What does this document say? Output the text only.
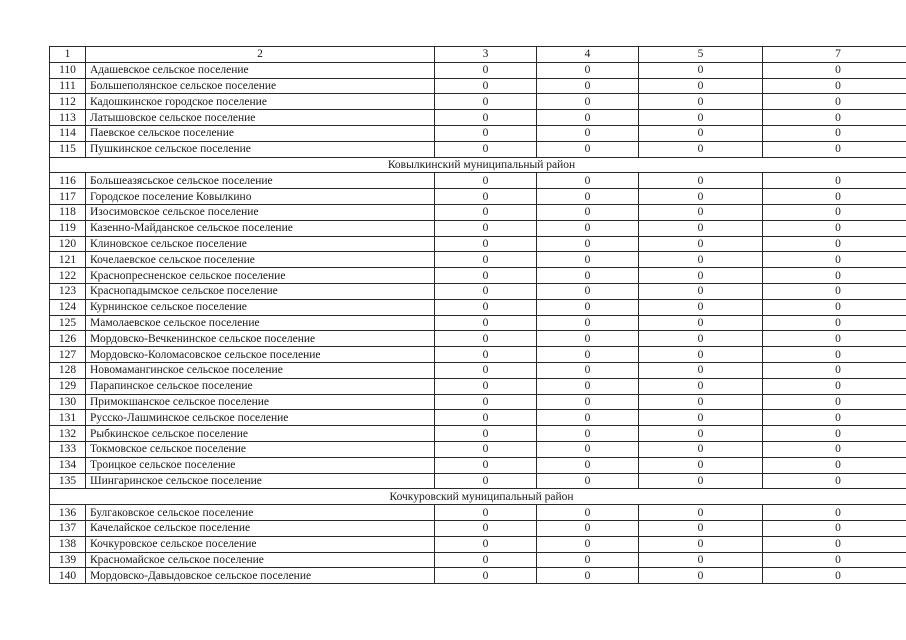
1	2	3	4	5	7
110	Адашевское сельское поселение	0	0	0	0
111	Большеполянское сельское поселение	0	0	0	0
112	Кадошкинское городское поселение	0	0	0	0
113	Латышовское сельское поселение	0	0	0	0
114	Паевское сельское поселение	0	0	0	0
115	Пушкинское сельское поселение	0	0	0	0
Ковылкинский муниципальный район					
116	Большеазясьское сельское поселение	0	0	0	0
117	Городское поселение Ковылкино	0	0	0	0
118	Изосимовское сельское поселение	0	0	0	0
119	Казенно-Майданское сельское поселение	0	0	0	0
120	Клиновское сельское поселение	0	0	0	0
121	Кочелаевское сельское поселение	0	0	0	0
122	Краснопресненское сельское поселение	0	0	0	0
123	Краснопадымское сельское поселение	0	0	0	0
124	Курнинское сельское поселение	0	0	0	0
125	Мамолаевское сельское поселение	0	0	0	0
126	Мордовско-Вечкенинское сельское поселение	0	0	0	0
127	Мордовско-Коломасовское сельское поселение	0	0	0	0
128	Новомамангинское сельское поселение	0	0	0	0
129	Парапинское сельское поселение	0	0	0	0
130	Примокшанское сельское поселение	0	0	0	0
131	Русско-Лашминское сельское поселение	0	0	0	0
132	Рыбкинское сельское поселение	0	0	0	0
133	Токмовское сельское поселение	0	0	0	0
134	Троицкое сельское поселение	0	0	0	0
135	Шингаринское сельское поселение	0	0	0	0
Кочкуровский муниципальный район					
136	Булгаковское сельское поселение	0	0	0	0
137	Качелайское сельское поселение	0	0	0	0
138	Кочкуровское сельское поселение	0	0	0	0
139	Красномайское сельское поселение	0	0	0	0
140	Мордовско-Давыдовское сельское поселение	0	0	0	0
